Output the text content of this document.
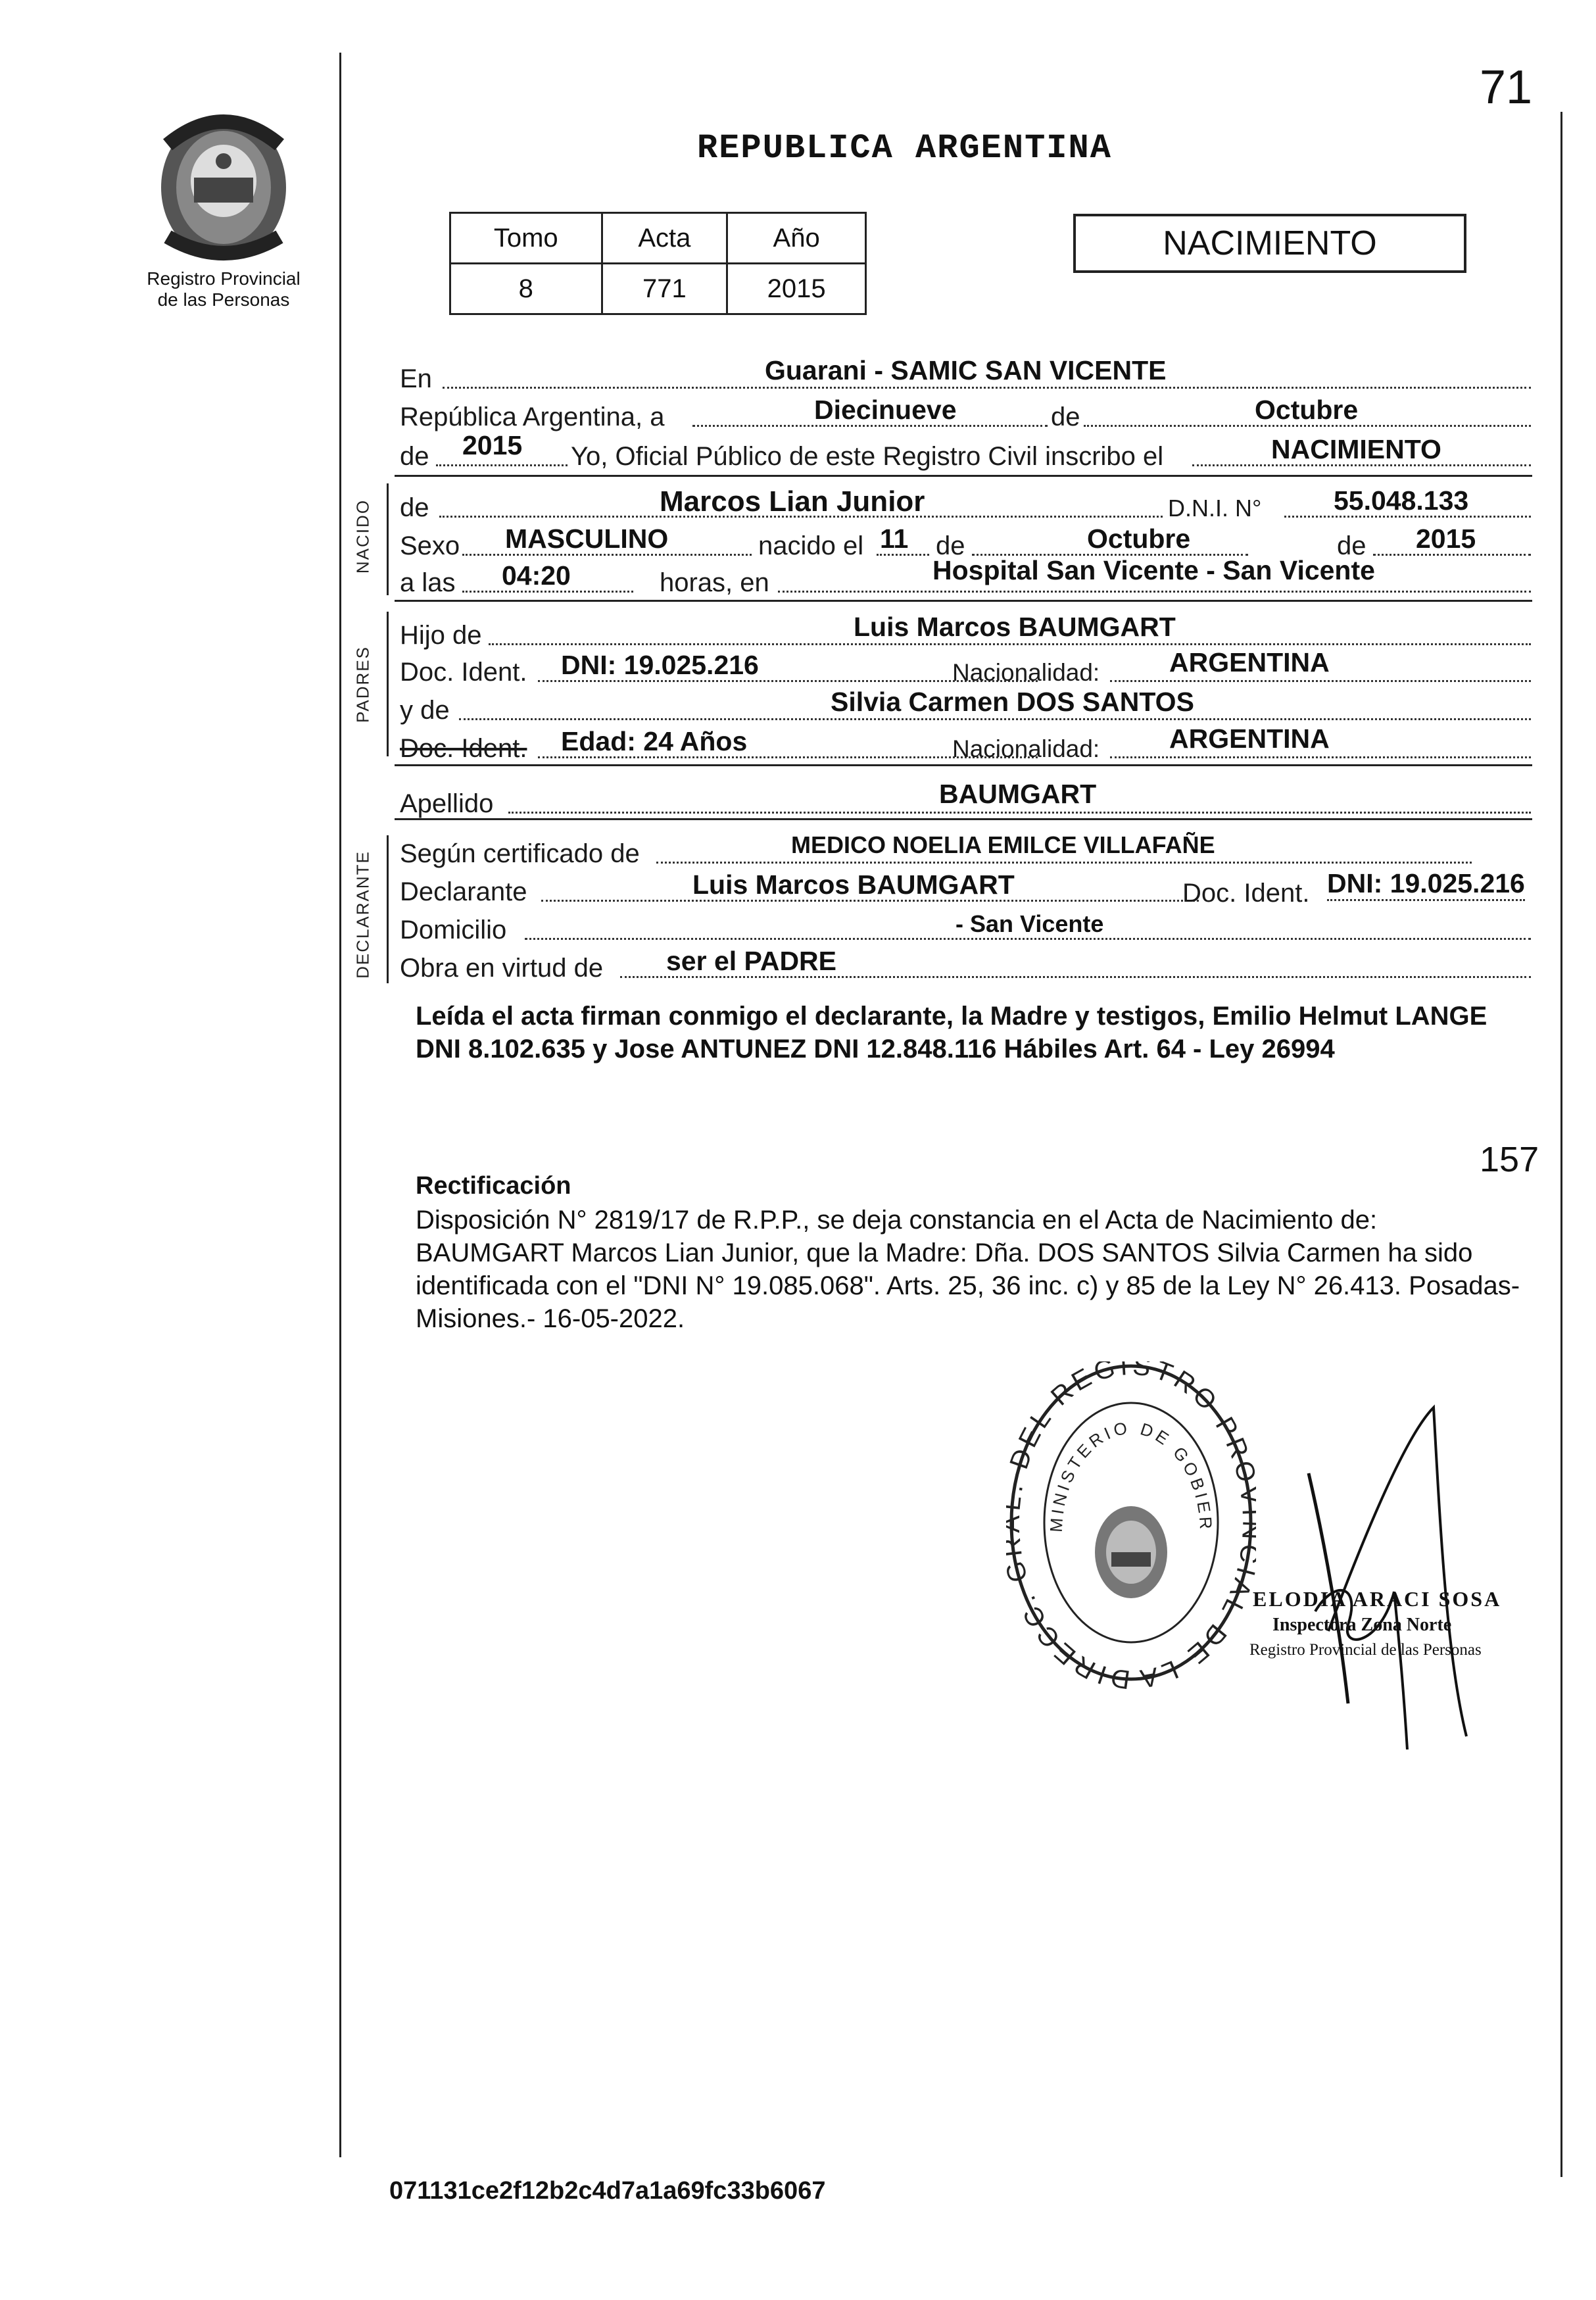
71
Registro Provincial
de las Personas
REPUBLICA ARGENTINA
Tomo	Acta	Año
8	771	2015
NACIMIENTO
En	Guarani - SAMIC SAN VICENTE
República Argentina, a	Diecinueve	de	Octubre
de 2015 Yo, Oficial Público de este Registro Civil inscribo el	NACIMIENTO
NACIDO de	Marcos Lian Junior	D.N.I. N°	55.048.133
Sexo MASCULINO	nacido el 11 de	Octubre	de 2015
a las 04:20	horas, en	Hospital San Vicente - San Vicente
PADRES
Hijo de	Luis Marcos BAUMGART
Doc. Ident. DNI: 19.025.216	Nacionalidad:	ARGENTINA
y de	Silvia Carmen DOS SANTOS
Doc. Ident. Edad: 24 Años	Nacionalidad:	ARGENTINA
Apellido	BAUMGART
DECLARANTE Según certificado de	MEDICO NOELIA EMILCE VILLAFAÑE
Declarante	Luis Marcos BAUMGART	Doc. Ident. DNI: 19.025.216
Domicilio	- San Vicente
Obra en virtud de ser el PADRE
Leída el acta firman conmigo el declarante, la Madre y testigos, Emilio Helmut LANGE DNI 8.102.635 y Jose ANTUNEZ DNI 12.848.116 Hábiles Art. 64 - Ley 26994
157
Rectificación
Disposición N° 2819/17 de R.P.P., se deja constancia en el Acta de Nacimiento de: BAUMGART Marcos Lian Junior, que la Madre: Dña. DOS SANTOS Silvia Carmen ha sido identificada con el "DNI N° 19.085.068". Arts. 25, 36 inc. c) y 85 de la Ley N° 26.413. Posadas- Misiones.- 16-05-2022.
DIRECC. DEL REGISTRO PR AL DE LA
MINISTERIO DE GOBIER
ELODIA ARACI SOSA
Inspectora Zona Norte
Registro Provincial de las Personas
071131ce2f12b2c4d7a1a69fc33b6067
